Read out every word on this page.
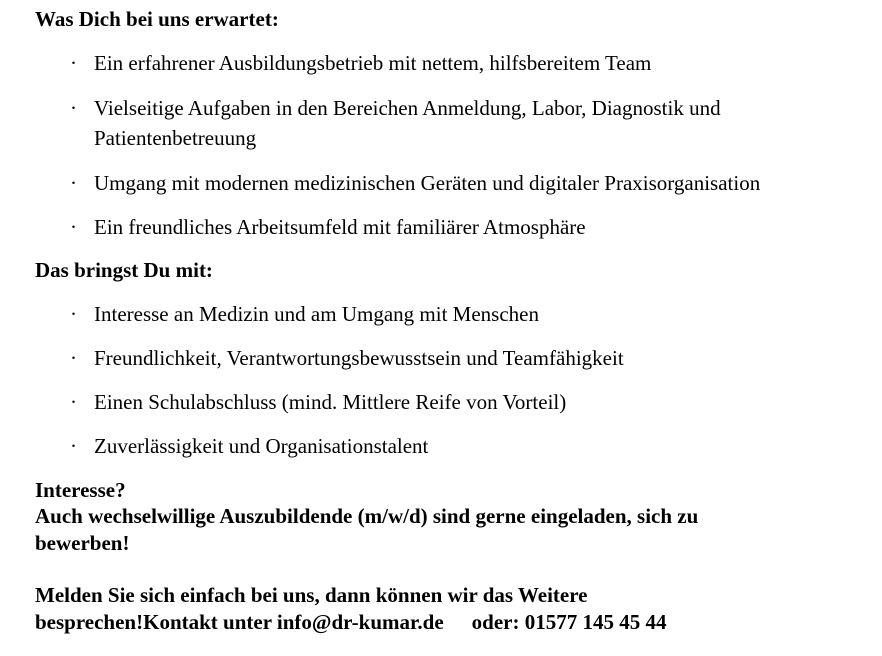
Was Dich bei uns erwartet:
· Ein erfahrener Ausbildungsbetrieb mit nettem, hilfsbereitem Team
· Vielseitige Aufgaben in den Bereichen Anmeldung, Labor, Diagnostik und Patientenbetreuung
· Umgang mit modernen medizinischen Geräten und digitaler Praxisorganisation
· Ein freundliches Arbeitsumfeld mit familiärer Atmosphäre
Das bringst Du mit:
· Interesse an Medizin und am Umgang mit Menschen
· Freundlichkeit, Verantwortungsbewusstsein und Teamfähigkeit
· Einen Schulabschluss (mind. Mittlere Reife von Vorteil)
· Zuverlässigkeit und Organisationstalent
Interesse?
Auch wechselwillige Auszubildende (m/w/d) sind gerne eingeladen, sich zu
bewerben!
Melden Sie sich einfach bei uns, dann können wir das Weitere
besprechen!Kontakt unter info@dr-kumar.de oder: 01577 145 45 44
